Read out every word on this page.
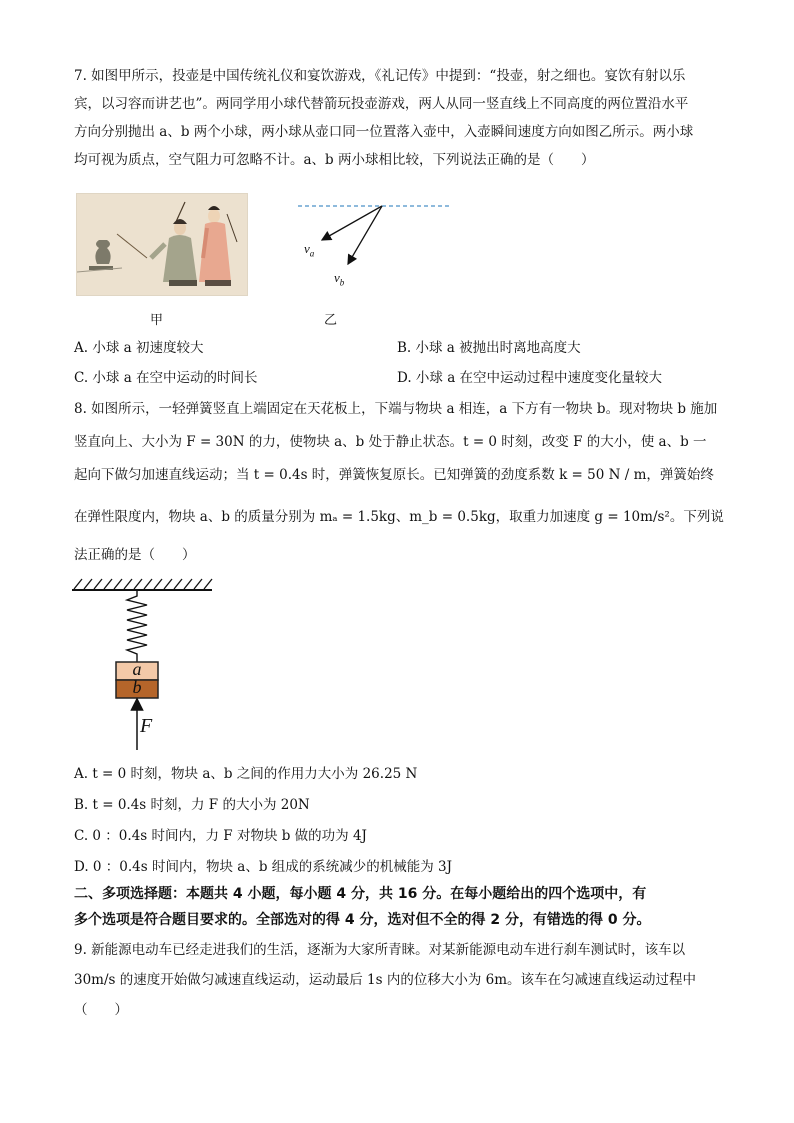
7. 如图甲所示，投壶是中国传统礼仪和宴饮游戏，《礼记传》中提到：“投壶，射之细也。宴饮有射以乐
宾，以习容而讲艺也”。两同学用小球代替箭玩投壶游戏，两人从同一竖直线上不同高度的两位置沿水平
方向分别抛出 a、b 两个小球，两小球从壶口同一位置落入壶中，入壶瞬间速度方向如图乙所示。两小球
均可视为质点，空气阻力可忽略不计。a、b 两小球相比较，下列说法正确的是（　　）
甲
$v_a$
$v_b$
乙
A. 小球 a 初速度较大	B. 小球 a 被抛出时离地高度大
C. 小球 a 在空中运动的时间长	D. 小球 a 在空中运动过程中速度变化量较大
8. 如图所示，一轻弹簧竖直上端固定在天花板上，下端与物块 a 相连，a 下方有一物块 b。现对物块 b 施加
竖直向上、大小为 F = 30N 的力，使物块 a、b 处于静止状态。t = 0 时刻，改变 F 的大小，使 a、b 一
起向下做匀加速直线运动；当 t = 0.4s 时，弹簧恢复原长。已知弹簧的劲度系数 k = 50 N / m，弹簧始终
在弹性限度内，物块 a、b 的质量分别为 mₐ = 1.5kg、m_b = 0.5kg，取重力加速度 g = 10m/s²。下列说
法正确的是（　　）
a
b
F
A. t = 0 时刻，物块 a、b 之间的作用力大小为 26.25 N
B. t = 0.4s 时刻，力 F 的大小为 20N
C. 0 ：0.4s 时间内，力 F 对物块 b 做的功为 4J
D. 0 ：0.4s 时间内，物块 a、b 组成的系统减少的机械能为 3J
二、多项选择题：本题共 4 小题，每小题 4 分，共 16 分。在每小题给出的四个选项中，有
多个选项是符合题目要求的。全部选对的得 4 分，选对但不全的得 2 分，有错选的得 0 分。
9. 新能源电动车已经走进我们的生活，逐渐为大家所青睐。对某新能源电动车进行刹车测试时，该车以
30m/s 的速度开始做匀减速直线运动，运动最后 1s 内的位移大小为 6m。该车在匀减速直线运动过程中
（　　）
